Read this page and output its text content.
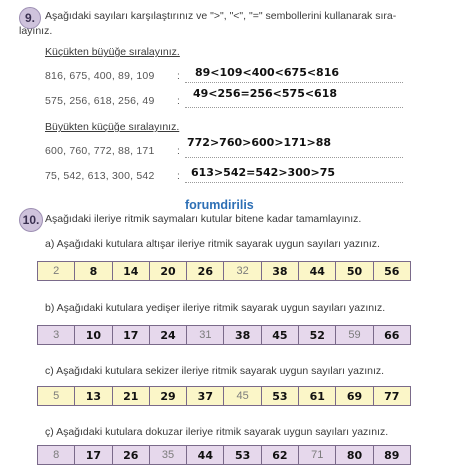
9. Aşağıdaki sayıları karşılaştırınız ve ">", "<", "=" sembollerini kullanarak sıra-
layınız.
Küçükten büyüğe sıralayınız.
816, 675, 400, 89, 109 : 89<109<400<675<816
575, 256, 618, 256, 49 :
49<256=256<575<618
Büyükten küçüğe sıralayınız.
600, 760, 772, 88, 171 :
772>760>600>171>88
75, 542, 613, 300, 542 : 613>542=542>300>75
forumdirilis
10. Aşağıdaki ileriye ritmik saymaları kutular bitene kadar tamamlayınız.
a) Aşağıdaki kutulara altışar ileriye ritmik sayarak uygun sayıları yazınız.
2	8	14	20	26	32	38	44	50	56
b) Aşağıdaki kutulara yedişer ileriye ritmik sayarak uygun sayıları yazınız.
3	10	17	24	31	38	45	52	59	66
c) Aşağıdaki kutulara sekizer ileriye ritmik sayarak uygun sayıları yazınız.
5	13	21	29	37	45	53	61	69	77
ç) Aşağıdaki kutulara dokuzar ileriye ritmik sayarak uygun sayıları yazınız.
8	17	26	35	44	53	62	71	80	89
